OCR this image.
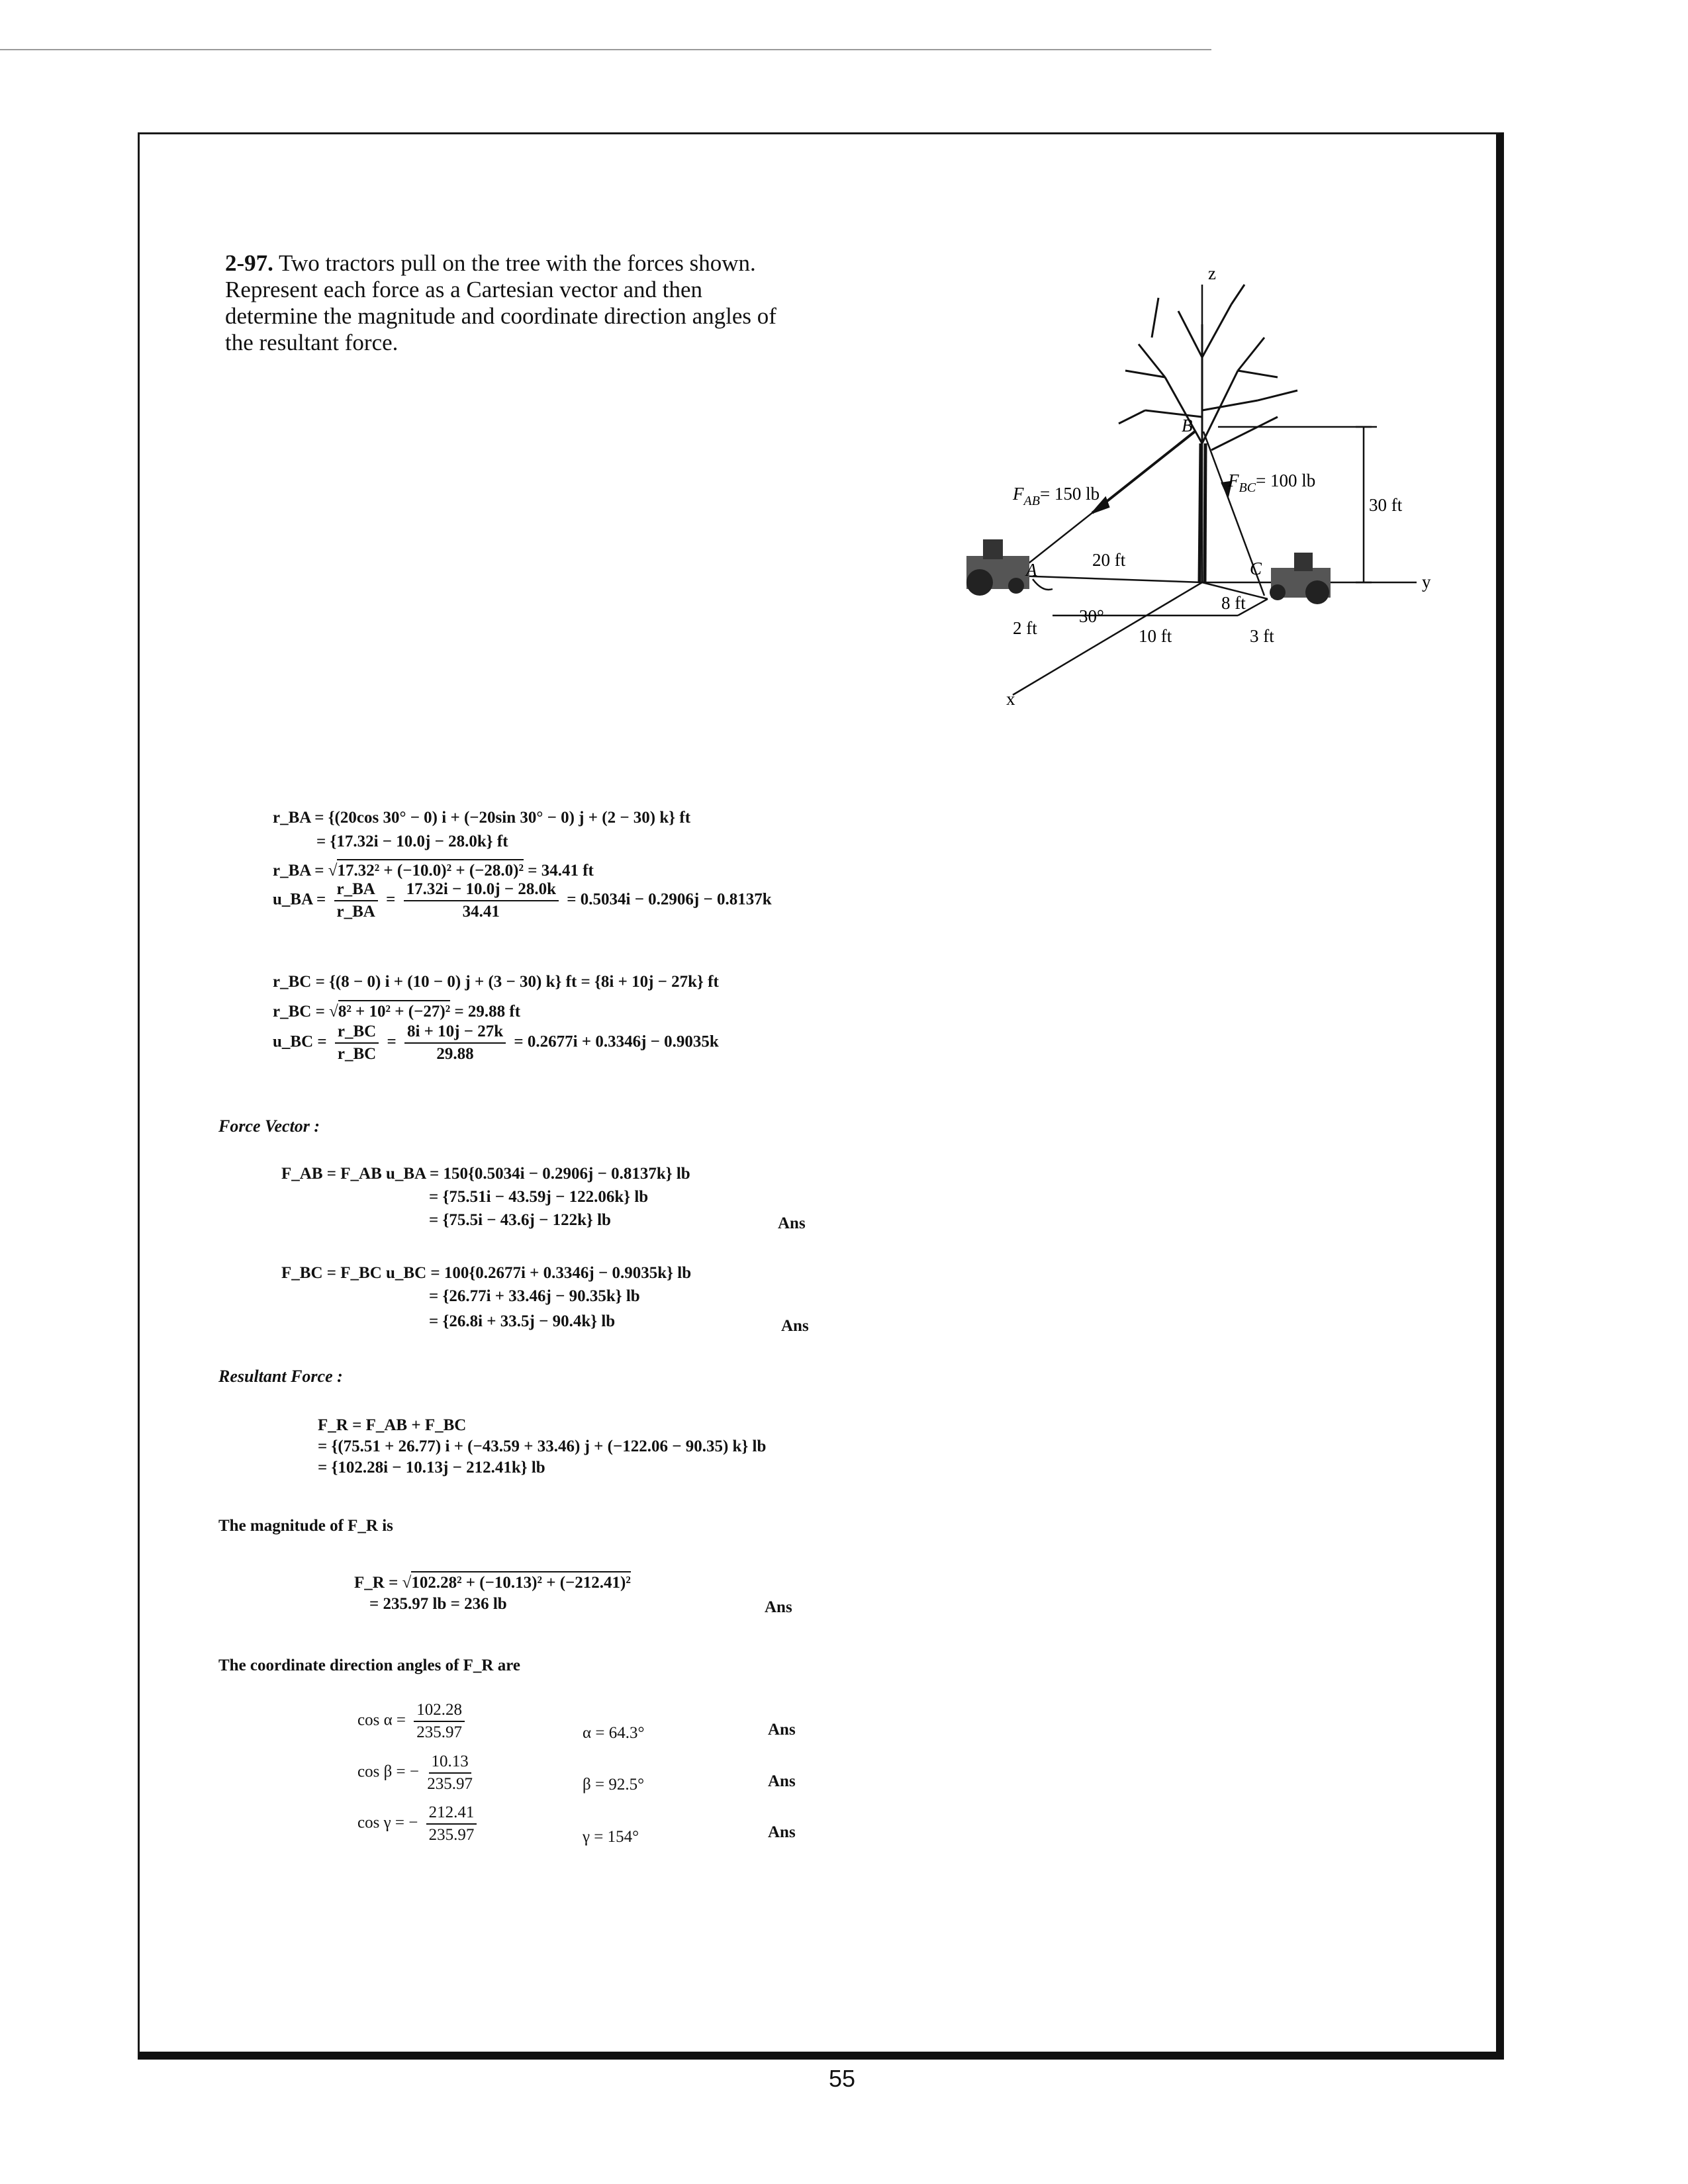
2-97. Two tractors pull on the tree with the forces shown. Represent each force as a Cartesian vector and then determine the magnitude and coordinate direction angles of the resultant force.
z
y
x
B
A	C
$F_{AB}= 150$ lb
$F_{BC}= 100$ lb
30 ft
20 ft
8 ft
2 ft
30°
10 ft	3 ft
r_BA = {(20cos 30° − 0) i + (−20sin 30° − 0) j + (2 − 30) k} ft
= {17.32i − 10.0j − 28.0k} ft
r_BA = √17.32² + (−10.0)² + (−28.0)² = 34.41 ft
u_BA = $\frac{r\_BA}{r\_BA} = \frac{17.32i - 10.0j - 28.0k}{34.41} = 0.5034i - 0.2906j - 0.8137k$
r_BC = {(8 − 0) i + (10 − 0) j + (3 − 30) k} ft = {8i + 10j − 27k} ft
r_BC = √8² + 10² + (−27)² = 29.88 ft
u_BC = $\frac{r\_BC}{r\_BC} = \frac{8i + 10j - 27k}{29.88} = 0.2677i + 0.3346j - 0.9035k$
Force Vector :
F_AB = F_AB u_BA = 150{0.5034i − 0.2906j − 0.8137k} lb
= {75.51i − 43.59j − 122.06k} lb
= {75.5i − 43.6j − 122k} lb	Ans
F_BC = F_BC u_BC = 100{0.2677i + 0.3346j − 0.9035k} lb
= {26.77i + 33.46j − 90.35k} lb
= {26.8i + 33.5j − 90.4k} lb	Ans
Resultant Force :
F_R = F_AB + F_BC
= {(75.51 + 26.77) i + (−43.59 + 33.46) j + (−122.06 − 90.35) k} lb
= {102.28i − 10.13j − 212.41k} lb
The magnitude of F_R is
F_R = √102.28² + (−10.13)² + (−212.41)²
= 235.97 lb = 236 lb	Ans
The coordinate direction angles of F_R are
$\cos \alpha = \frac{102.28}{235.97}$	α = 64.3°	Ans
cos β = − $\frac{10.13}{235.97}$	β = 92.5°	Ans
cos γ = − $\frac{212.41}{235.97}$	γ = 154°	Ans
55
